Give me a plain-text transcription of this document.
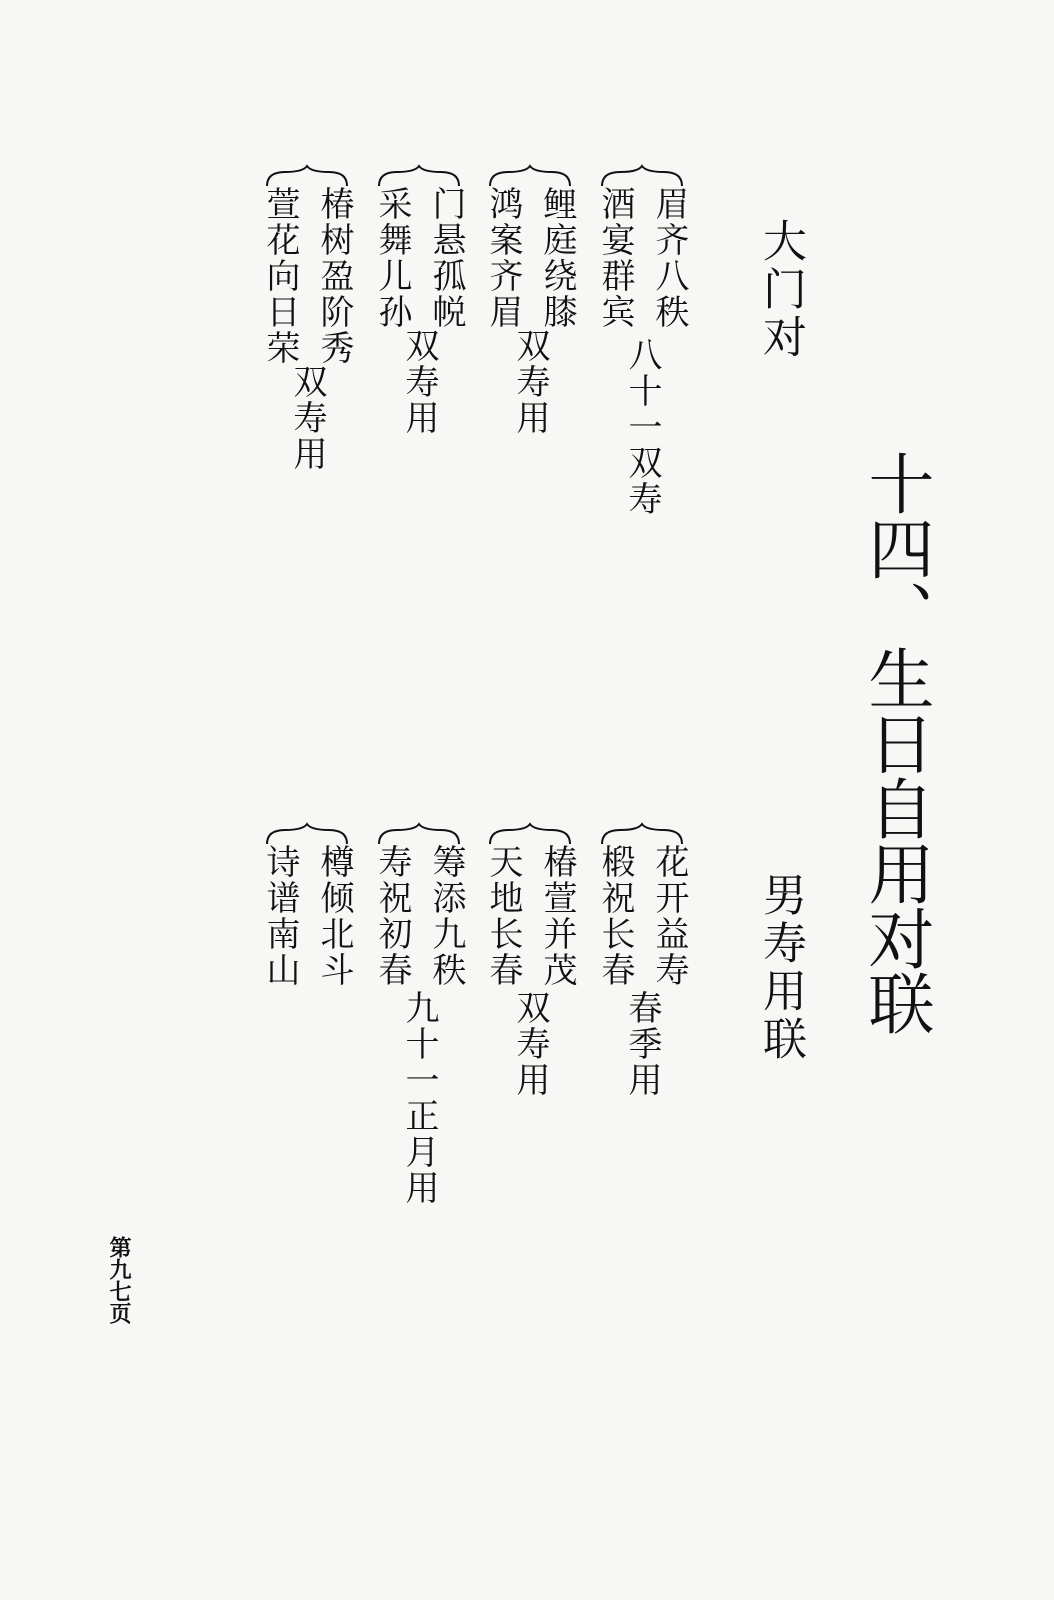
十四、生日自用对联
男寿用联
大门对
眉齐八秩
酒宴群宾
八十一双寿
鲤庭绕膝
鸿案齐眉
双寿用
门悬孤帨
采舞儿孙
双寿用
椿树盈阶秀
萱花向日荣
双寿用
花开益寿
椴祝长春
春季用
椿萱并茂
天地长春
双寿用
筹添九秩
寿祝初春
九十一正月用
樽倾北斗
诗谱南山
第九七页
